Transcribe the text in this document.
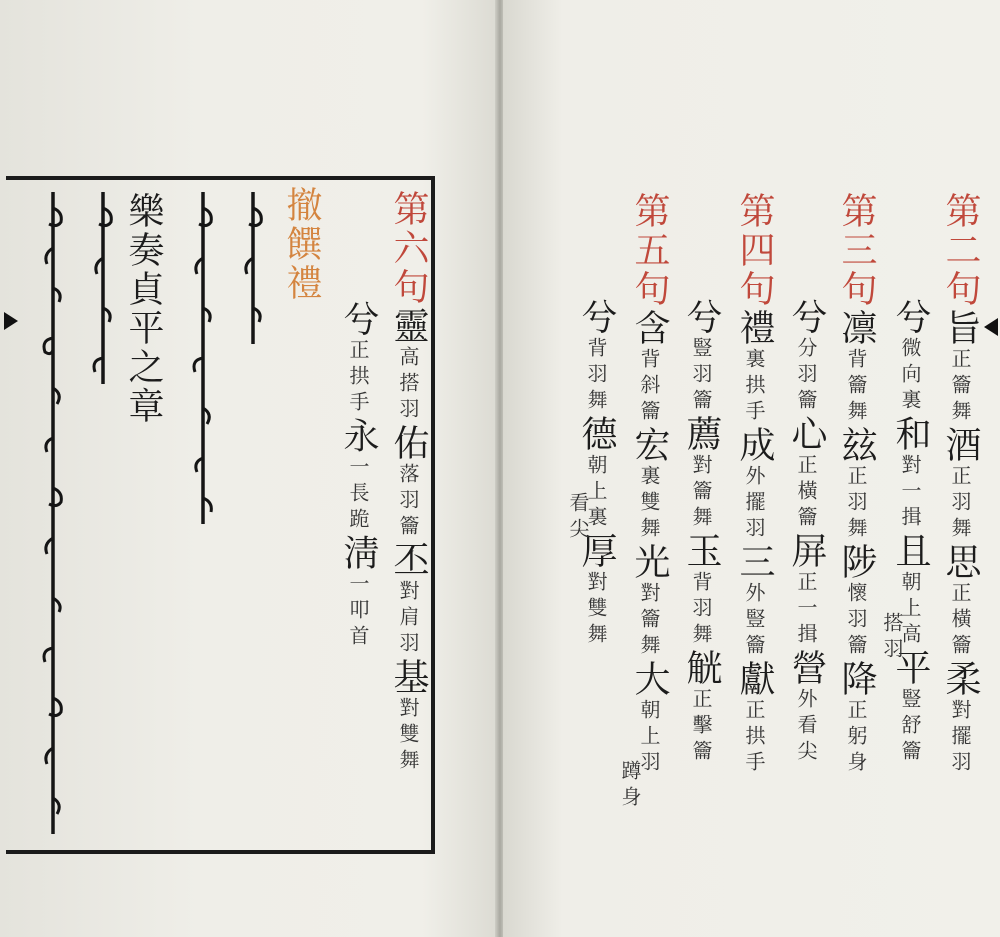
樂奏貞平之章	撤饌禮 第六句靈高搭羽佑落羽籥丕對肩羽基對雙舞
兮正拱手永一長跪淸一叩首
第二句旨正籥舞酒正羽舞思正橫籥柔對擺羽
兮微向裏和對一揖且朝上高平豎舒籥
搭羽
第三句凛背籥舞玆正羽舞陟懷羽籥降正躬身
兮分羽籥心正橫籥屏正一揖營外看尖
第四句禮裏拱手成外擺羽三外豎籥獻正拱手
兮豎羽籥薦對籥舞玉背羽舞觥正擊籥
第五句含背斜籥宏裏雙舞光對籥舞大朝上羽
蹲身
兮背羽舞德朝上裏厚對雙舞
看尖
